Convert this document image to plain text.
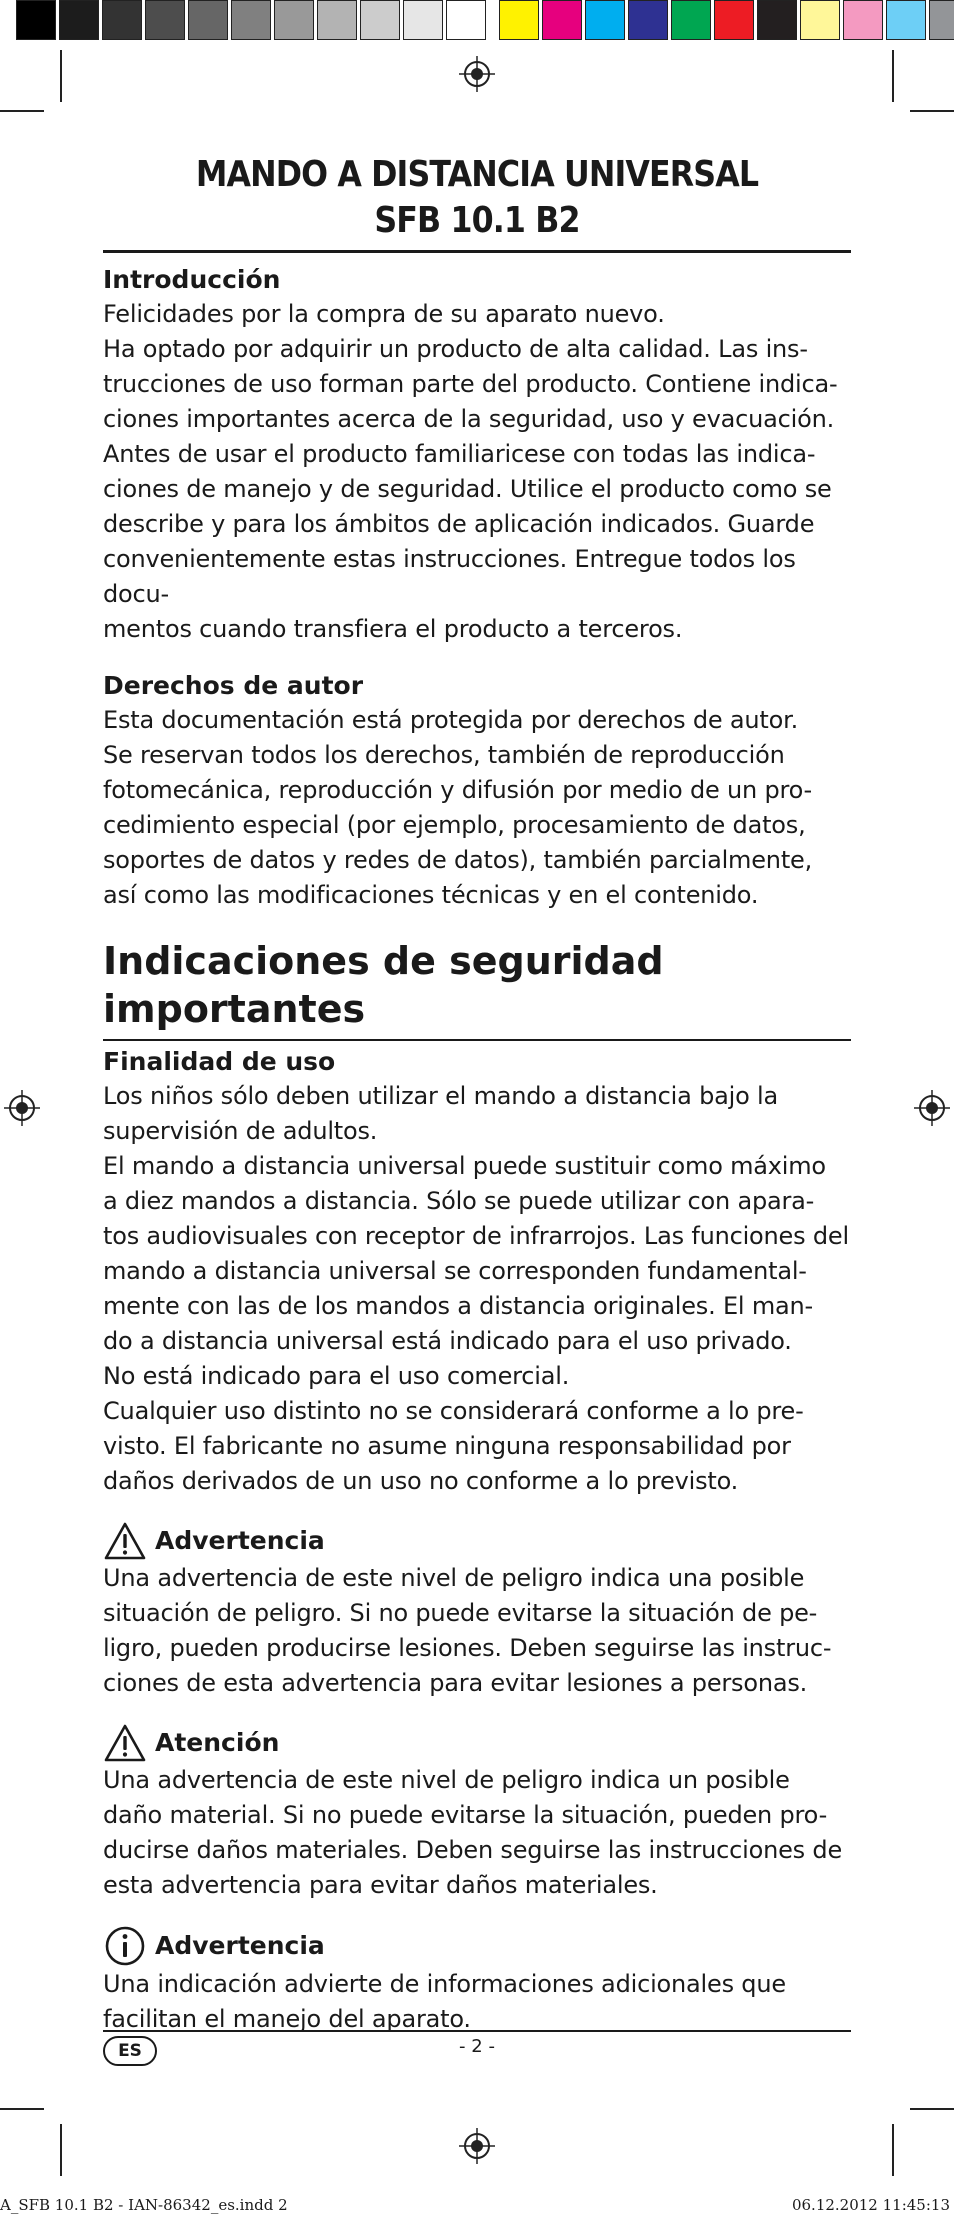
MANDO A DISTANCIA UNIVERSAL
SFB 10.1 B2
Introducción

Felicidades por la compra de su aparato nuevo.

Ha optado por adquirir un producto de alta calidad. Las ins-

trucciones de uso forman parte del producto. Contiene indica-

ciones importantes acerca de la seguridad, uso y evacuación.

Antes de usar el producto familiaricese con todas las indica-

ciones de manejo y de seguridad. Utilice el producto como se

describe y para los ámbitos de aplicación indicados. Guarde

convenientemente estas instrucciones. Entregue todos los docu-

mentos cuando transfiera el producto a terceros.

Derechos de autor

Esta documentación está protegida por derechos de autor.

Se reservan todos los derechos, también de reproducción

fotomecánica, reproducción y difusión por medio de un pro-

cedimiento especial (por ejemplo, procesamiento de datos,

soportes de datos y redes de datos), también parcialmente,

así como las modificaciones técnicas y en el contenido.

Indicaciones de seguridad
importantes
Finalidad de uso

Los niños sólo deben utilizar el mando a distancia bajo la

supervisión de adultos.

El mando a distancia universal puede sustituir como máximo

a diez mandos a distancia. Sólo se puede utilizar con apara-

tos audiovisuales con receptor de infrarrojos. Las funciones del

mando a distancia universal se corresponden fundamental-

mente con las de los mandos a distancia originales. El man-

do a distancia universal está indicado para el uso privado.

No está indicado para el uso comercial.

Cualquier uso distinto no se considerará conforme a lo pre-

visto. El fabricante no asume ninguna responsabilidad por

daños derivados de un uso no conforme a lo previsto.

Advertencia

Una advertencia de este nivel de peligro indica una posible

situación de peligro. Si no puede evitarse la situación de pe-

ligro, pueden producirse lesiones. Deben seguirse las instruc-

ciones de esta advertencia para evitar lesiones a personas.

Atención

Una advertencia de este nivel de peligro indica un posible

daño material. Si no puede evitarse la situación, pueden pro-

ducirse daños materiales. Deben seguirse las instrucciones de

esta advertencia para evitar daños materiales.

Advertencia

Una indicación advierte de informaciones adicionales que

facilitan el manejo del aparato.

ES	- 2 -
A_SFB 10.1 B2 - IAN-86342_es.indd 2	06.12.2012 11:45:13
